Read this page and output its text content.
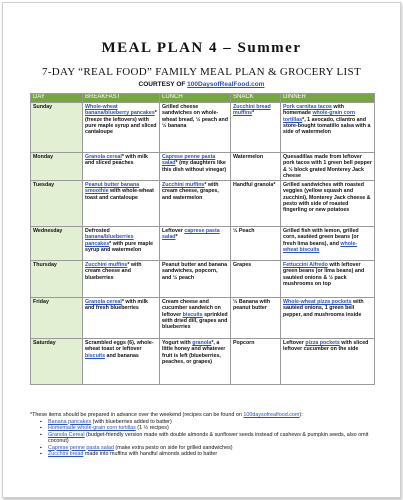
MEAL PLAN 4 – Summer
7-DAY “REAL FOOD” FAMILY MEAL PLAN & GROCERY LIST
COURTESY OF 100DaysofRealFood.com
DAY	BREAKFAST	LUNCH	SNACK	DINNER
Sunday	Whole-wheat banana/blueberry pancakes* (freeze the leftovers) with pure maple syrup and sliced cantaloupe	Grilled cheese sandwiches on whole-wheat bread, ½ peach and ½ banana	Zucchini bread muffins*	Pork carnitas tacos with homemade whole-grain corn tortillas*, 1 avocado, cilantro and store-bought tomatillo salsa with a side of watermelon
Monday	Granola cereal* with milk and sliced peaches	Caprese penne pasta salad* (my daughters like this dish without vinegar)	Watermelon	Quesadillas made from leftover pork tacos with 1 green bell pepper & ½ block grated Monterey Jack cheese
Tuesday	Peanut butter banana smoothie with whole-wheat toast and cantaloupe	Zucchini muffins* with cream cheese, grapes, and watermelon	Handful granola*	Grilled sandwiches with roasted veggies (yellow squash and zucchini), Monterey Jack cheese & pesto with side of roasted fingerling or new potatoes
Wednesday	Defrosted banana/blueberries pancakes* with pure maple syrup and watermelon	Leftover caprese pasta salad*	½ Peach	Grilled fish with lemon, grilled corn, sautéed green beans (or fresh lima beans), and whole-wheat biscuits
Thursday	Zucchini muffins* with cream cheese and blueberries	Peanut butter and banana sandwiches, popcorn, and ½ peach	Grapes	Fettuccini Alfredo with leftover green beans (or lima beans) and sautéed onions & ½ pack mushrooms on top
Friday	Granola cereal* with milk and fresh blueberries	Cream cheese and cucumber sandwich on leftover biscuits sprinkled with dried dill, grapes and blueberries	½ Banana with peanut butter	Whole-wheat pizza pockets with sautéed onions, 1 green bell pepper, and mushrooms inside
Saturday	Scrambled eggs (6), whole-wheat toast or leftover biscuits and bananas	Yogurt with granola*, a little honey and whatever fruit is left (blueberries, peaches, or grapes)	Popcorn	Leftover pizza pockets with sliced leftover cucumber on the side
*These items should be prepared in advance over the weekend (recipes can be found on 100daysofrealfood.com):
▪ Banana pancakes (with blueberries added to batter)
▪ Homemade whole-grain corn tortillas (1 ½ recipes)
▪ Granola Cereal (budget-friendly version made with double almonds & sunflower seeds instead of cashews & pumpkin seeds, also omit coconut)
▪ Caprese penne pasta salad (make extra pesto on side for grilled sandwiches)
▪ Zucchini bread made into muffins with handful almonds added to batter
